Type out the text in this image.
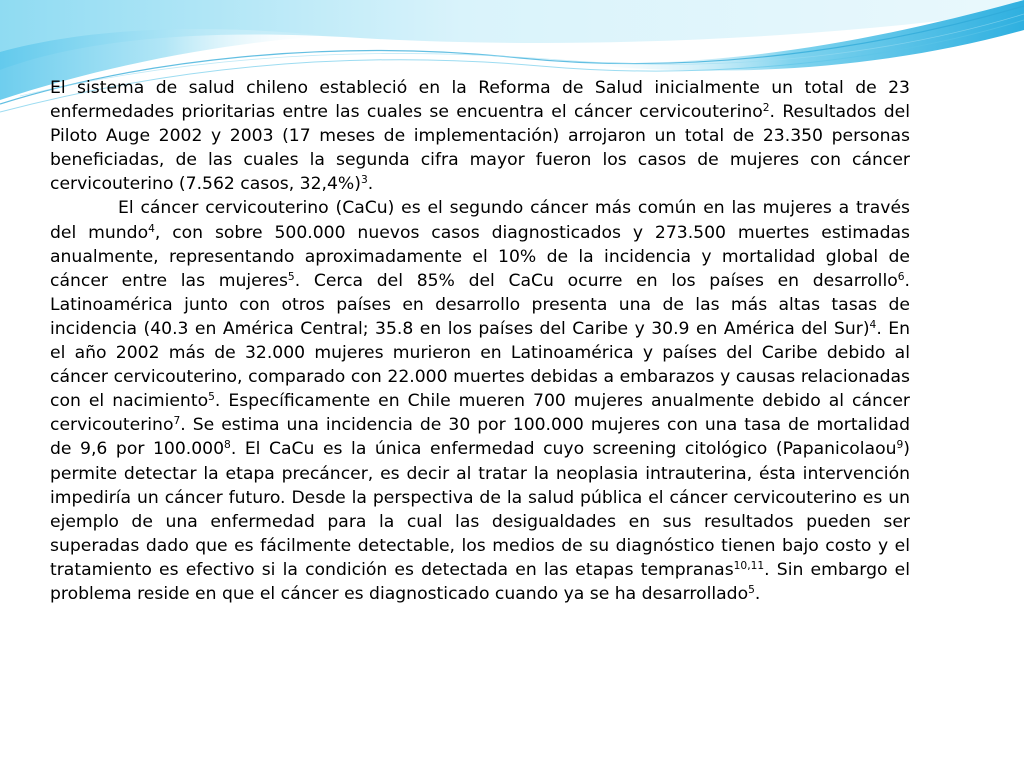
El sistema de salud chileno estableció en la Reforma de Salud inicialmente un total de 23 enfermedades prioritarias entre las cuales se encuentra el cáncer cervicouterino$^2$. Resultados del Piloto Auge 2002 y 2003 (17 meses de implementación) arrojaron un total de 23.350 personas beneficiadas, de las cuales la segunda cifra mayor fueron los casos de mujeres con cáncer cervicouterino (7.562 casos, 32,4%)$^3$.

El cáncer cervicouterino (CaCu) es el segundo cáncer más común en las mujeres a través del mundo$^4$, con sobre 500.000 nuevos casos diagnosticados y 273.500 muertes estimadas anualmente, representando aproximadamente el 10% de la incidencia y mortalidad global de cáncer entre las mujeres$^5$. Cerca del 85% del CaCu ocurre en los países en desarrollo$^6$. Latinoamérica junto con otros países en desarrollo presenta una de las más altas tasas de incidencia (40.3 en América Central; 35.8 en los países del Caribe y 30.9 en América del Sur)$^4$. En el año 2002 más de 32.000 mujeres murieron en Latinoamérica y países del Caribe debido al cáncer cervicouterino, comparado con 22.000 muertes debidas a embarazos y causas relacionadas con el nacimiento$^5$. Específicamente en Chile mueren 700 mujeres anualmente debido al cáncer cervicouterino$^7$. Se estima una incidencia de 30 por 100.000 mujeres con una tasa de mortalidad de 9,6 por 100.000$^8$. El CaCu es la única enfermedad cuyo screening citológico (Papanicolaou$^9$) permite detectar la etapa precáncer, es decir al tratar la neoplasia intrauterina, ésta intervención impediría un cáncer futuro. Desde la perspectiva de la salud pública el cáncer cervicouterino es un ejemplo de una enfermedad para la cual las desigualdades en sus resultados pueden ser superadas dado que es fácilmente detectable, los medios de su diagnóstico tienen bajo costo y el tratamiento es efectivo si la condición es detectada en las etapas tempranas$^{10,11}$. Sin embargo el problema reside en que el cáncer es diagnosticado cuando ya se ha desarrollado$^5$.
